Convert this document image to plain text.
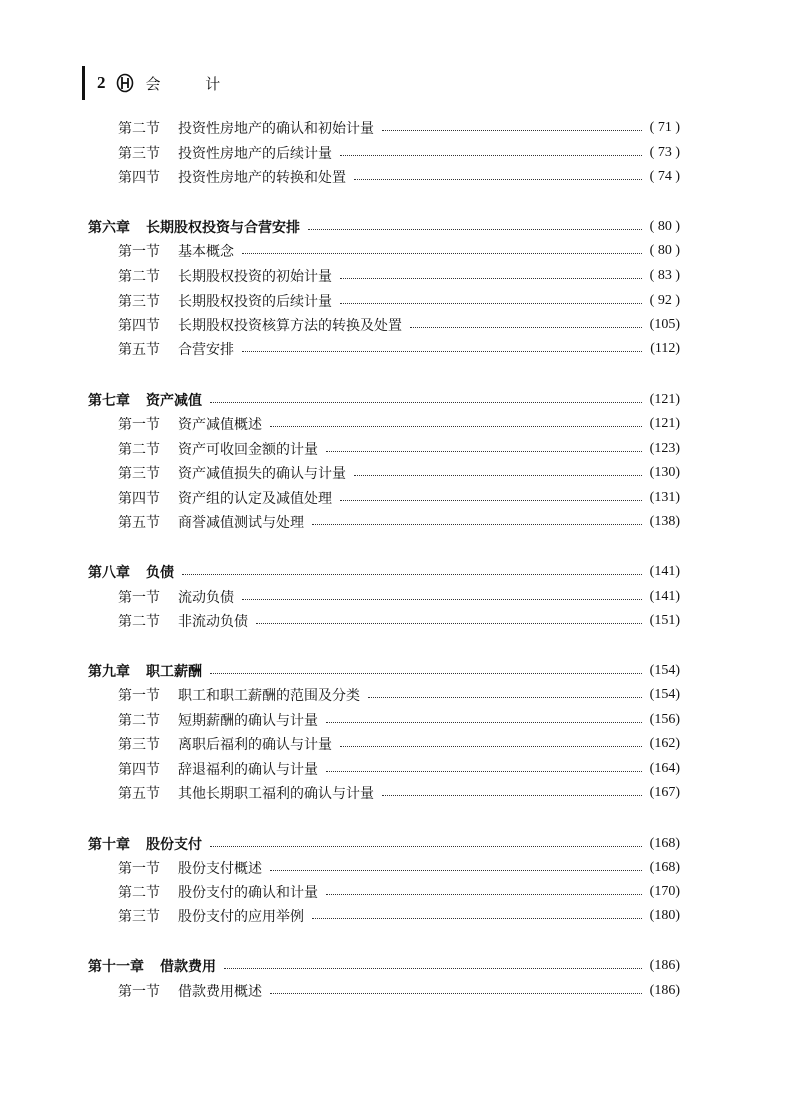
2	会 计
第二节	投资性房地产的确认和初始计量	( 71 )
第三节	投资性房地产的后续计量	( 73 )
第四节	投资性房地产的转换和处置	( 74 )
第六章 长期股权投资与合营安排	( 80 )
第一节	基本概念	( 80 )
第二节	长期股权投资的初始计量	( 83 )
第三节	长期股权投资的后续计量	( 92 )
第四节	长期股权投资核算方法的转换及处置	(105)
第五节	合营安排	(112)
第七章 资产减值	(121)
第一节	资产减值概述	(121)
第二节	资产可收回金额的计量	(123)
第三节	资产减值损失的确认与计量	(130)
第四节	资产组的认定及减值处理	(131)
第五节	商誉减值测试与处理	(138)
第八章 负债	(141)
第一节	流动负债	(141)
第二节	非流动负债	(151)
第九章 职工薪酬	(154)
第一节	职工和职工薪酬的范围及分类	(154)
第二节	短期薪酬的确认与计量	(156)
第三节	离职后福利的确认与计量	(162)
第四节	辞退福利的确认与计量	(164)
第五节	其他长期职工福利的确认与计量	(167)
第十章 股份支付	(168)
第一节	股份支付概述	(168)
第二节	股份支付的确认和计量	(170)
第三节	股份支付的应用举例	(180)
第十一章 借款费用	(186)
第一节	借款费用概述	(186)
